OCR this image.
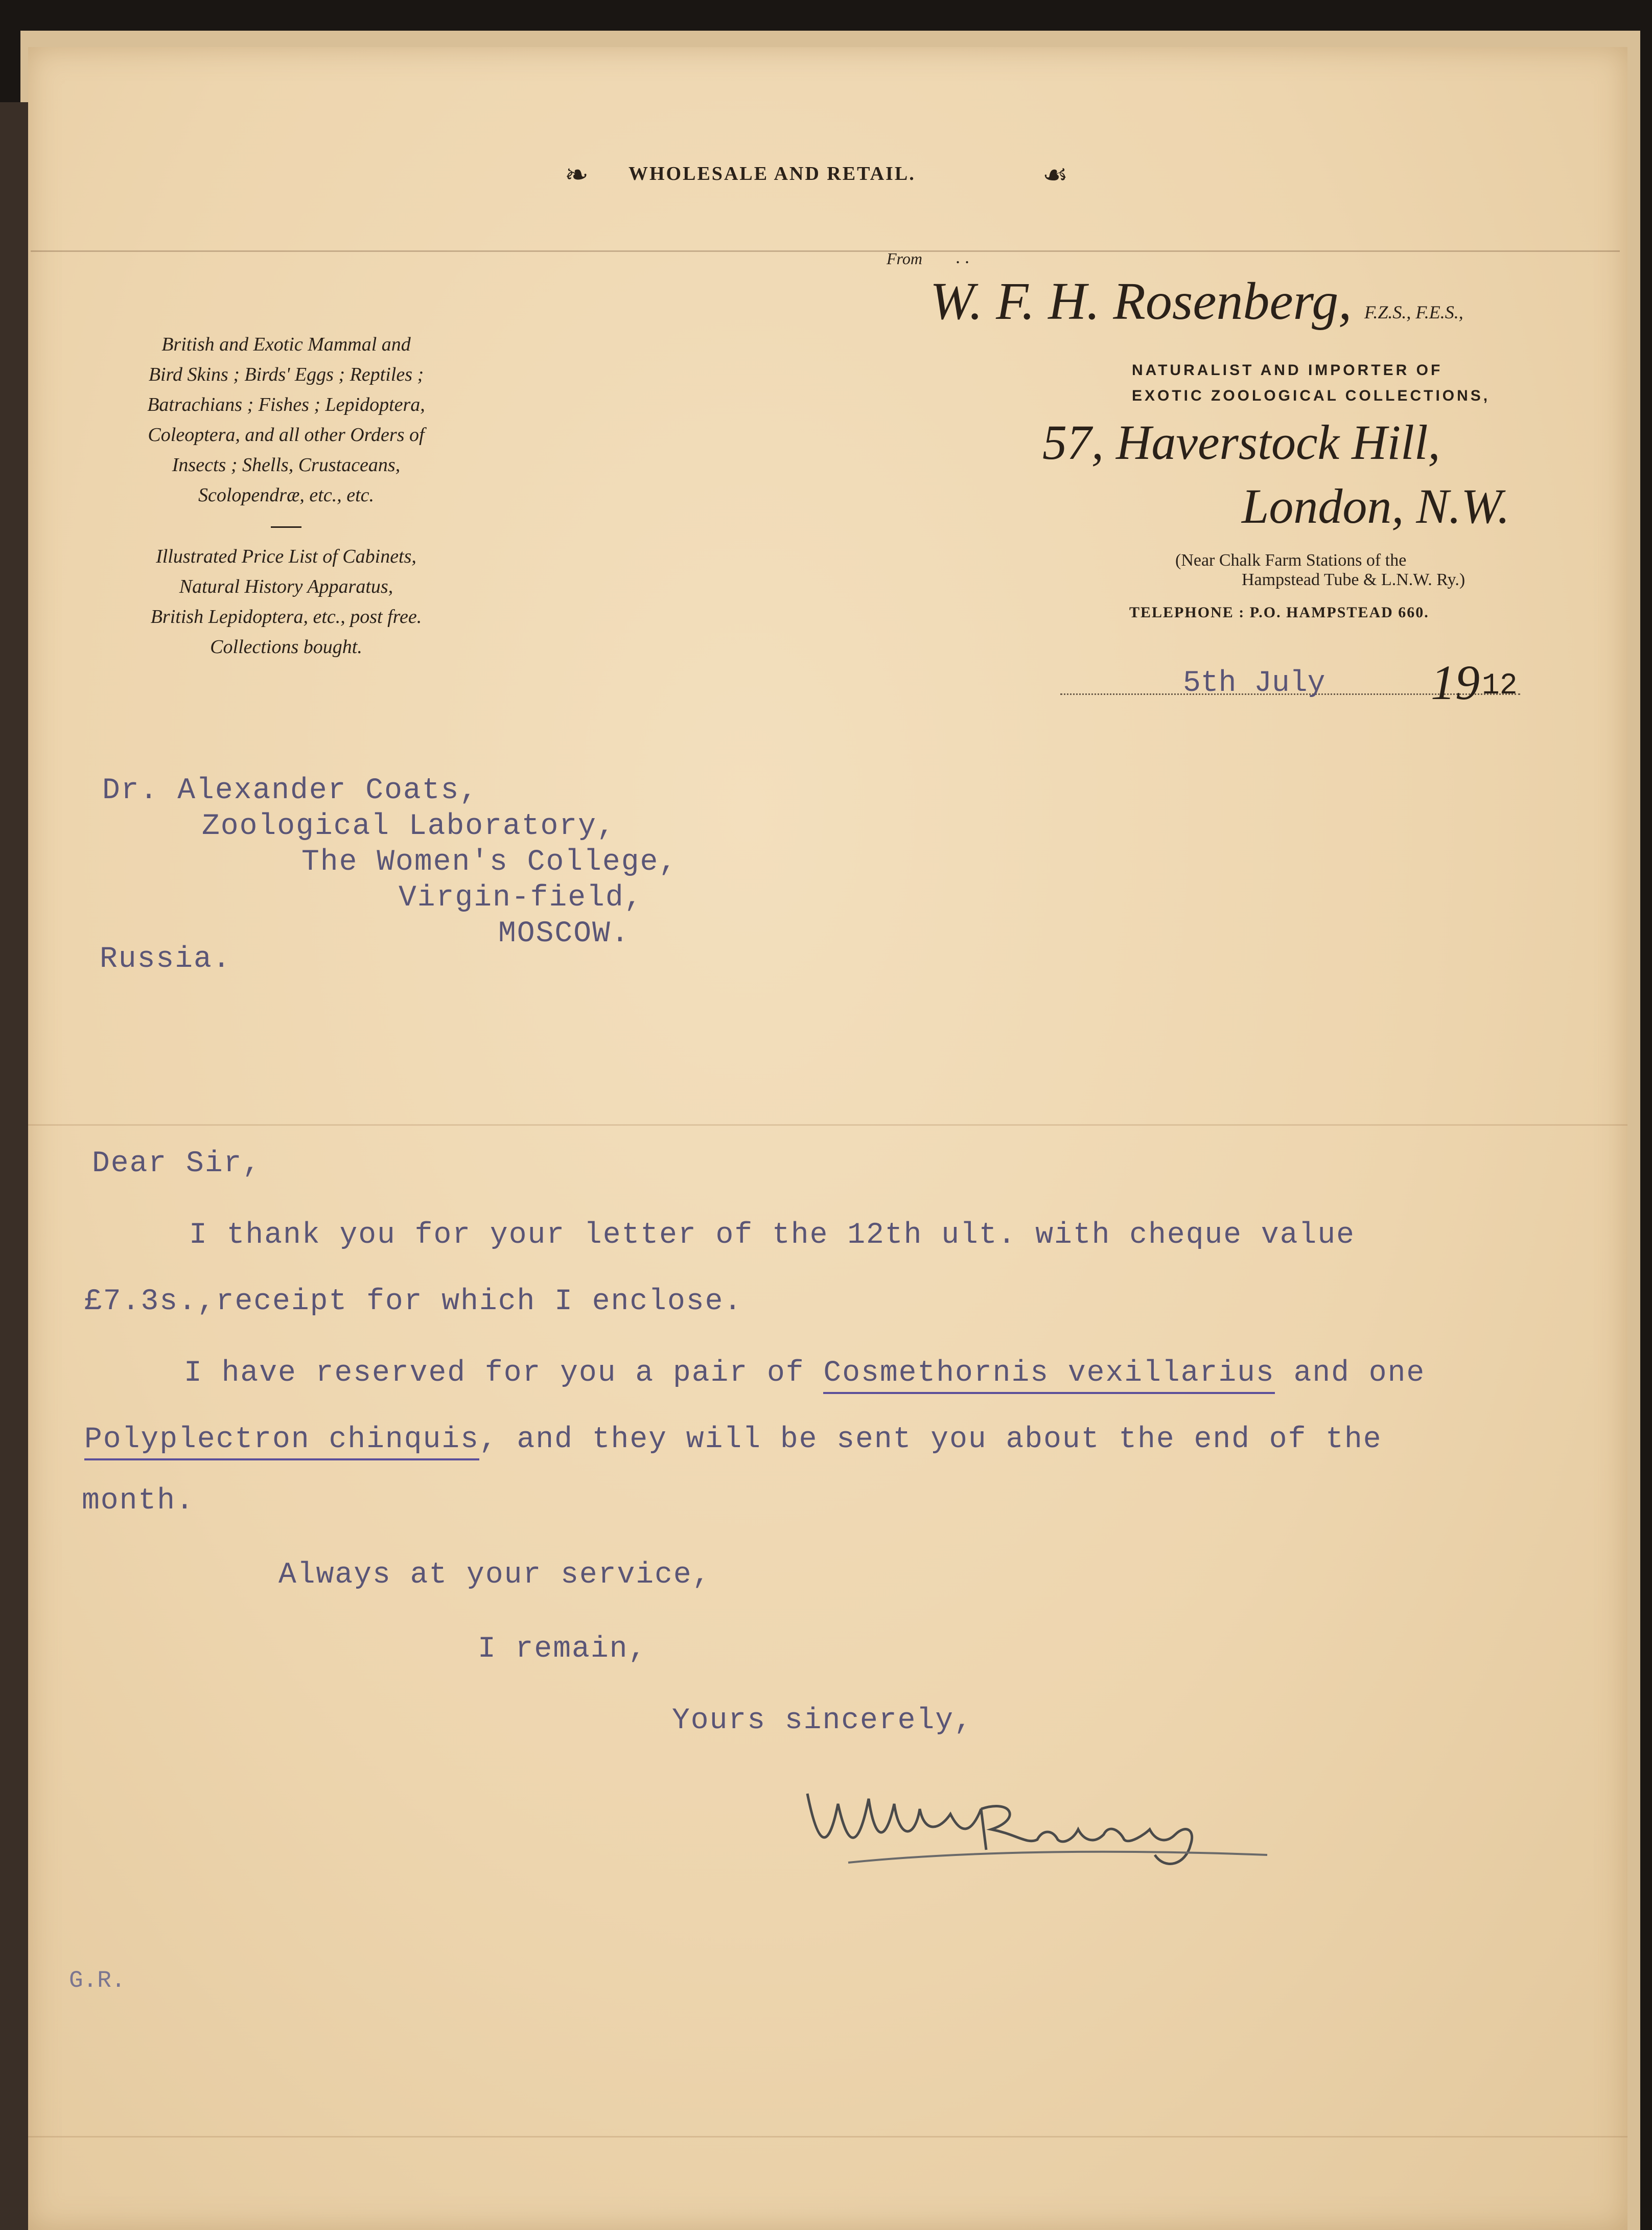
❧ WHOLESALE AND RETAIL.	☙
From . .
W. F. H. Rosenberg, F.Z.S., F.E.S.,
NATURALIST AND IMPORTER OF
EXOTIC ZOOLOGICAL COLLECTIONS,
57, Haverstock Hill,
London, N.W.
(Near Chalk Farm Stations of the
Hampstead Tube & L.N.W. Ry.)
TELEPHONE : P.O. HAMPSTEAD 660.
British and Exotic Mammal and
Bird Skins ; Birds' Eggs ; Reptiles ;
Batrachians ; Fishes ; Lepidoptera,
Coleoptera, and all other Orders of
Insects ; Shells, Crustaceans,
Scolopendræ, etc., etc.
Illustrated Price List of Cabinets,
Natural History Apparatus,
British Lepidoptera, etc., post free.
Collections bought.
5th July 19 12
Dr. Alexander Coats,
Zoological Laboratory,
The Women's College,
Virgin-field,
MOSCOW.
Russia.
Dear Sir,
I thank you for your letter of the 12th ult. with cheque value
£7.3s.,receipt for which I enclose.
I have reserved for you a pair of Cosmethornis vexillarius and one
Polyplectron chinquis, and they will be sent you about the end of the
month.
Always at your service,
I remain,
Yours sincerely,
G.R.
